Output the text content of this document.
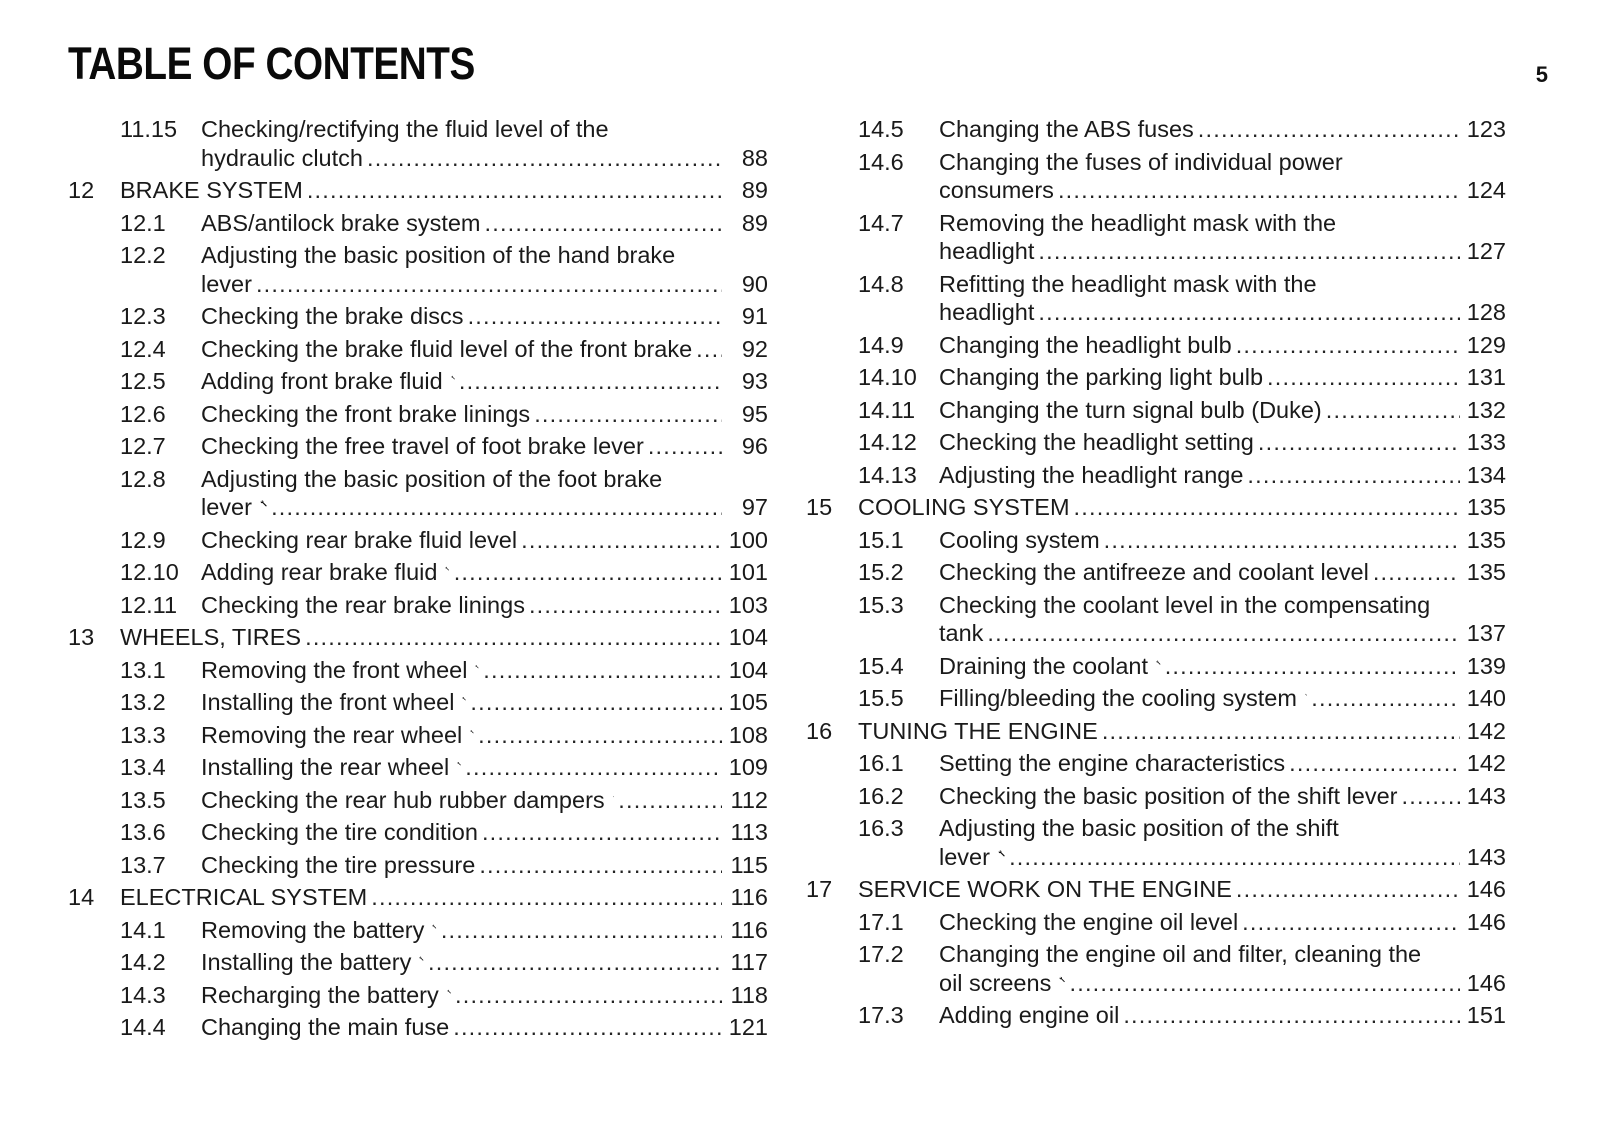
TABLE OF CONTENTS	5
11.15 Checking/rectifying the fluid level of the
hydraulic clutch .....	88
12 BRAKE SYSTEM .....	89
12.1 ABS/antilock brake system .....	89
12.2 Adjusting the basic position of the hand brake
lever .....	90
12.3 Checking the brake discs .....	91
12.4 Checking the brake fluid level of the front brake .....	92
12.5 Adding front brake fluid .....	93
12.6 Checking the front brake linings .....	95
12.7 Checking the free travel of foot brake lever .....	96
12.8 Adjusting the basic position of the foot brake
lever .....	97
12.9 Checking rear brake fluid level .....	100
12.10 Adding rear brake fluid .....	101
12.11 Checking the rear brake linings .....	103
13 WHEELS, TIRES .....	104
13.1 Removing the front wheel .....	104
13.2 Installing the front wheel .....	105
13.3 Removing the rear wheel .....	108
13.4 Installing the rear wheel .....	109
13.5 Checking the rear hub rubber dampers .....	112
13.6 Checking the tire condition .....	113
13.7 Checking the tire pressure .....	115
14 ELECTRICAL SYSTEM .....	116
14.1 Removing the battery .....	116
14.2 Installing the battery .....	117
14.3 Recharging the battery .....	118
14.4 Changing the main fuse .....	121
14.5 Changing the ABS fuses .....	123
14.6 Changing the fuses of individual power
consumers .....	124
14.7 Removing the headlight mask with the
headlight .....	127
14.8 Refitting the headlight mask with the
headlight .....	128
14.9 Changing the headlight bulb .....	129
14.10 Changing the parking light bulb .....	131
14.11 Changing the turn signal bulb (Duke) .....	132
14.12 Checking the headlight setting .....	133
14.13 Adjusting the headlight range .....	134
15 COOLING SYSTEM .....	135
15.1 Cooling system .....	135
15.2 Checking the antifreeze and coolant level .....	135
15.3 Checking the coolant level in the compensating
tank .....	137
15.4 Draining the coolant .....	139
15.5 Filling/bleeding the cooling system .....	140
16 TUNING THE ENGINE .....	142
16.1 Setting the engine characteristics .....	142
16.2 Checking the basic position of the shift lever .....	143
16.3 Adjusting the basic position of the shift
lever .....	143
17 SERVICE WORK ON THE ENGINE .....	146
17.1 Checking the engine oil level .....	146
17.2 Changing the engine oil and filter, cleaning the
oil screens .....	146
17.3 Adding engine oil .....	151
